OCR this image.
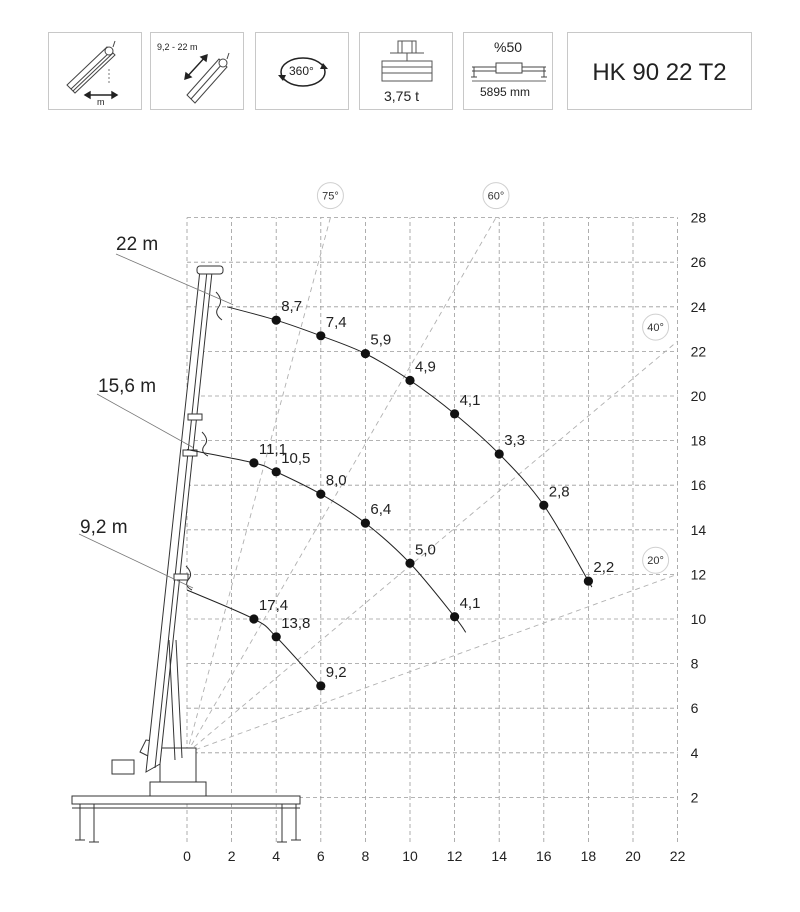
m
9,2 - 22 m
360°
3,75 t
%50
5895 mm
HK 90 22 T2
75°	60°
40°
20°
8,7
7,4
5,9
4,9
4,1
3,3
2,8
2,2
11,1
10,5
8,0
6,4
5,0
4,1
17,4
13,8
9,2
0	2	4	6	8 10 12 14 16 18 20 22
2
4
6
8
10
12
14
16
18
20
22
24
26
28
22 m
15,6 m
9,2 m
